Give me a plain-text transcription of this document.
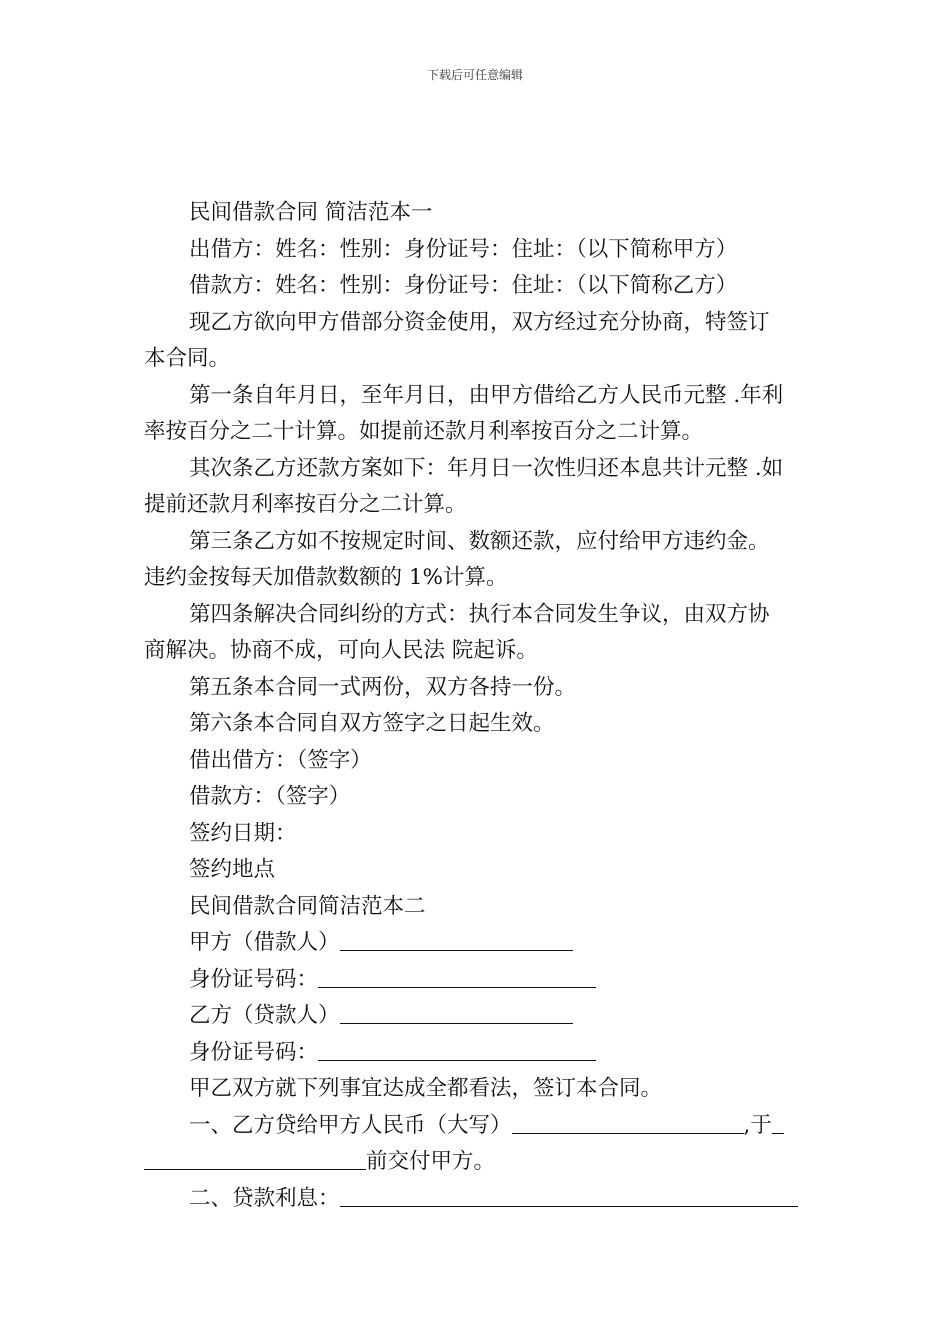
下载后可任意编辑
民间借款合同 简洁范本一
出借方：姓名：性别：身份证号：住址：（以下简称甲方）
借款方：姓名：性别：身份证号：住址：（以下简称乙方）
现乙方欲向甲方借部分资金使用，双方经过充分协商，特签订
本合同。
第一条自年月日，至年月日，由甲方借给乙方人民币元整 .年利
率按百分之二十计算。如提前还款月利率按百分之二计算。
其次条乙方还款方案如下：年月日一次性归还本息共计元整 .如
提前还款月利率按百分之二计算。
第三条乙方如不按规定时间、数额还款，应付给甲方违约金。
违约金按每天加借款数额的 1%计算。
第四条解决合同纠纷的方式：执行本合同发生争议，由双方协
商解决。协商不成，可向人民法 院起诉。
第五条本合同一式两份，双方各持一份。
第六条本合同自双方签字之日起生效。
借出借方：（签字）
借款方：（签字）
签约日期：
签约地点
民间借款合同简洁范本二
甲方（借款人）
身份证号码：
乙方（贷款人）
身份证号码：
甲乙双方就下列事宜达成全都看法，签订本合同。
一、乙方贷给甲方人民币（大写）	,于
前交付甲方。
二、贷款利息：
